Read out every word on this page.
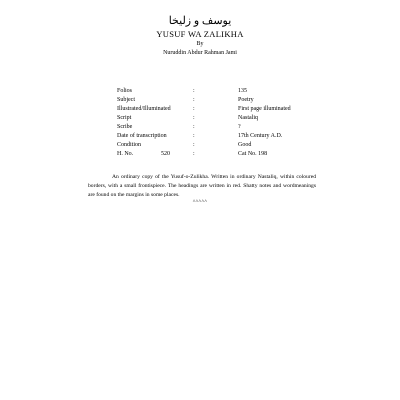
یوسف و زلیخا
YUSUF WA ZALIKHA
By
Nuruddin Abdur Rahman Jami
Folios	:	135
Subject	:	Poetry
Illustrated/Illuminated	:	First page illuminated
Script	:	Nastaliq
Scribe	:	?
Date of transcription	:	17th Century A.D.
Condition	:	Good
H. No. 520	:	Cat No. 198
An ordinary copy of the Yusuf-o-Zulikha. Written in ordinary Nastaliq, within coloured borders, with a small frontispiece. The headings are written in red. Shatty notes and wordmeanings are found on the margins in some places.
^^^^^
